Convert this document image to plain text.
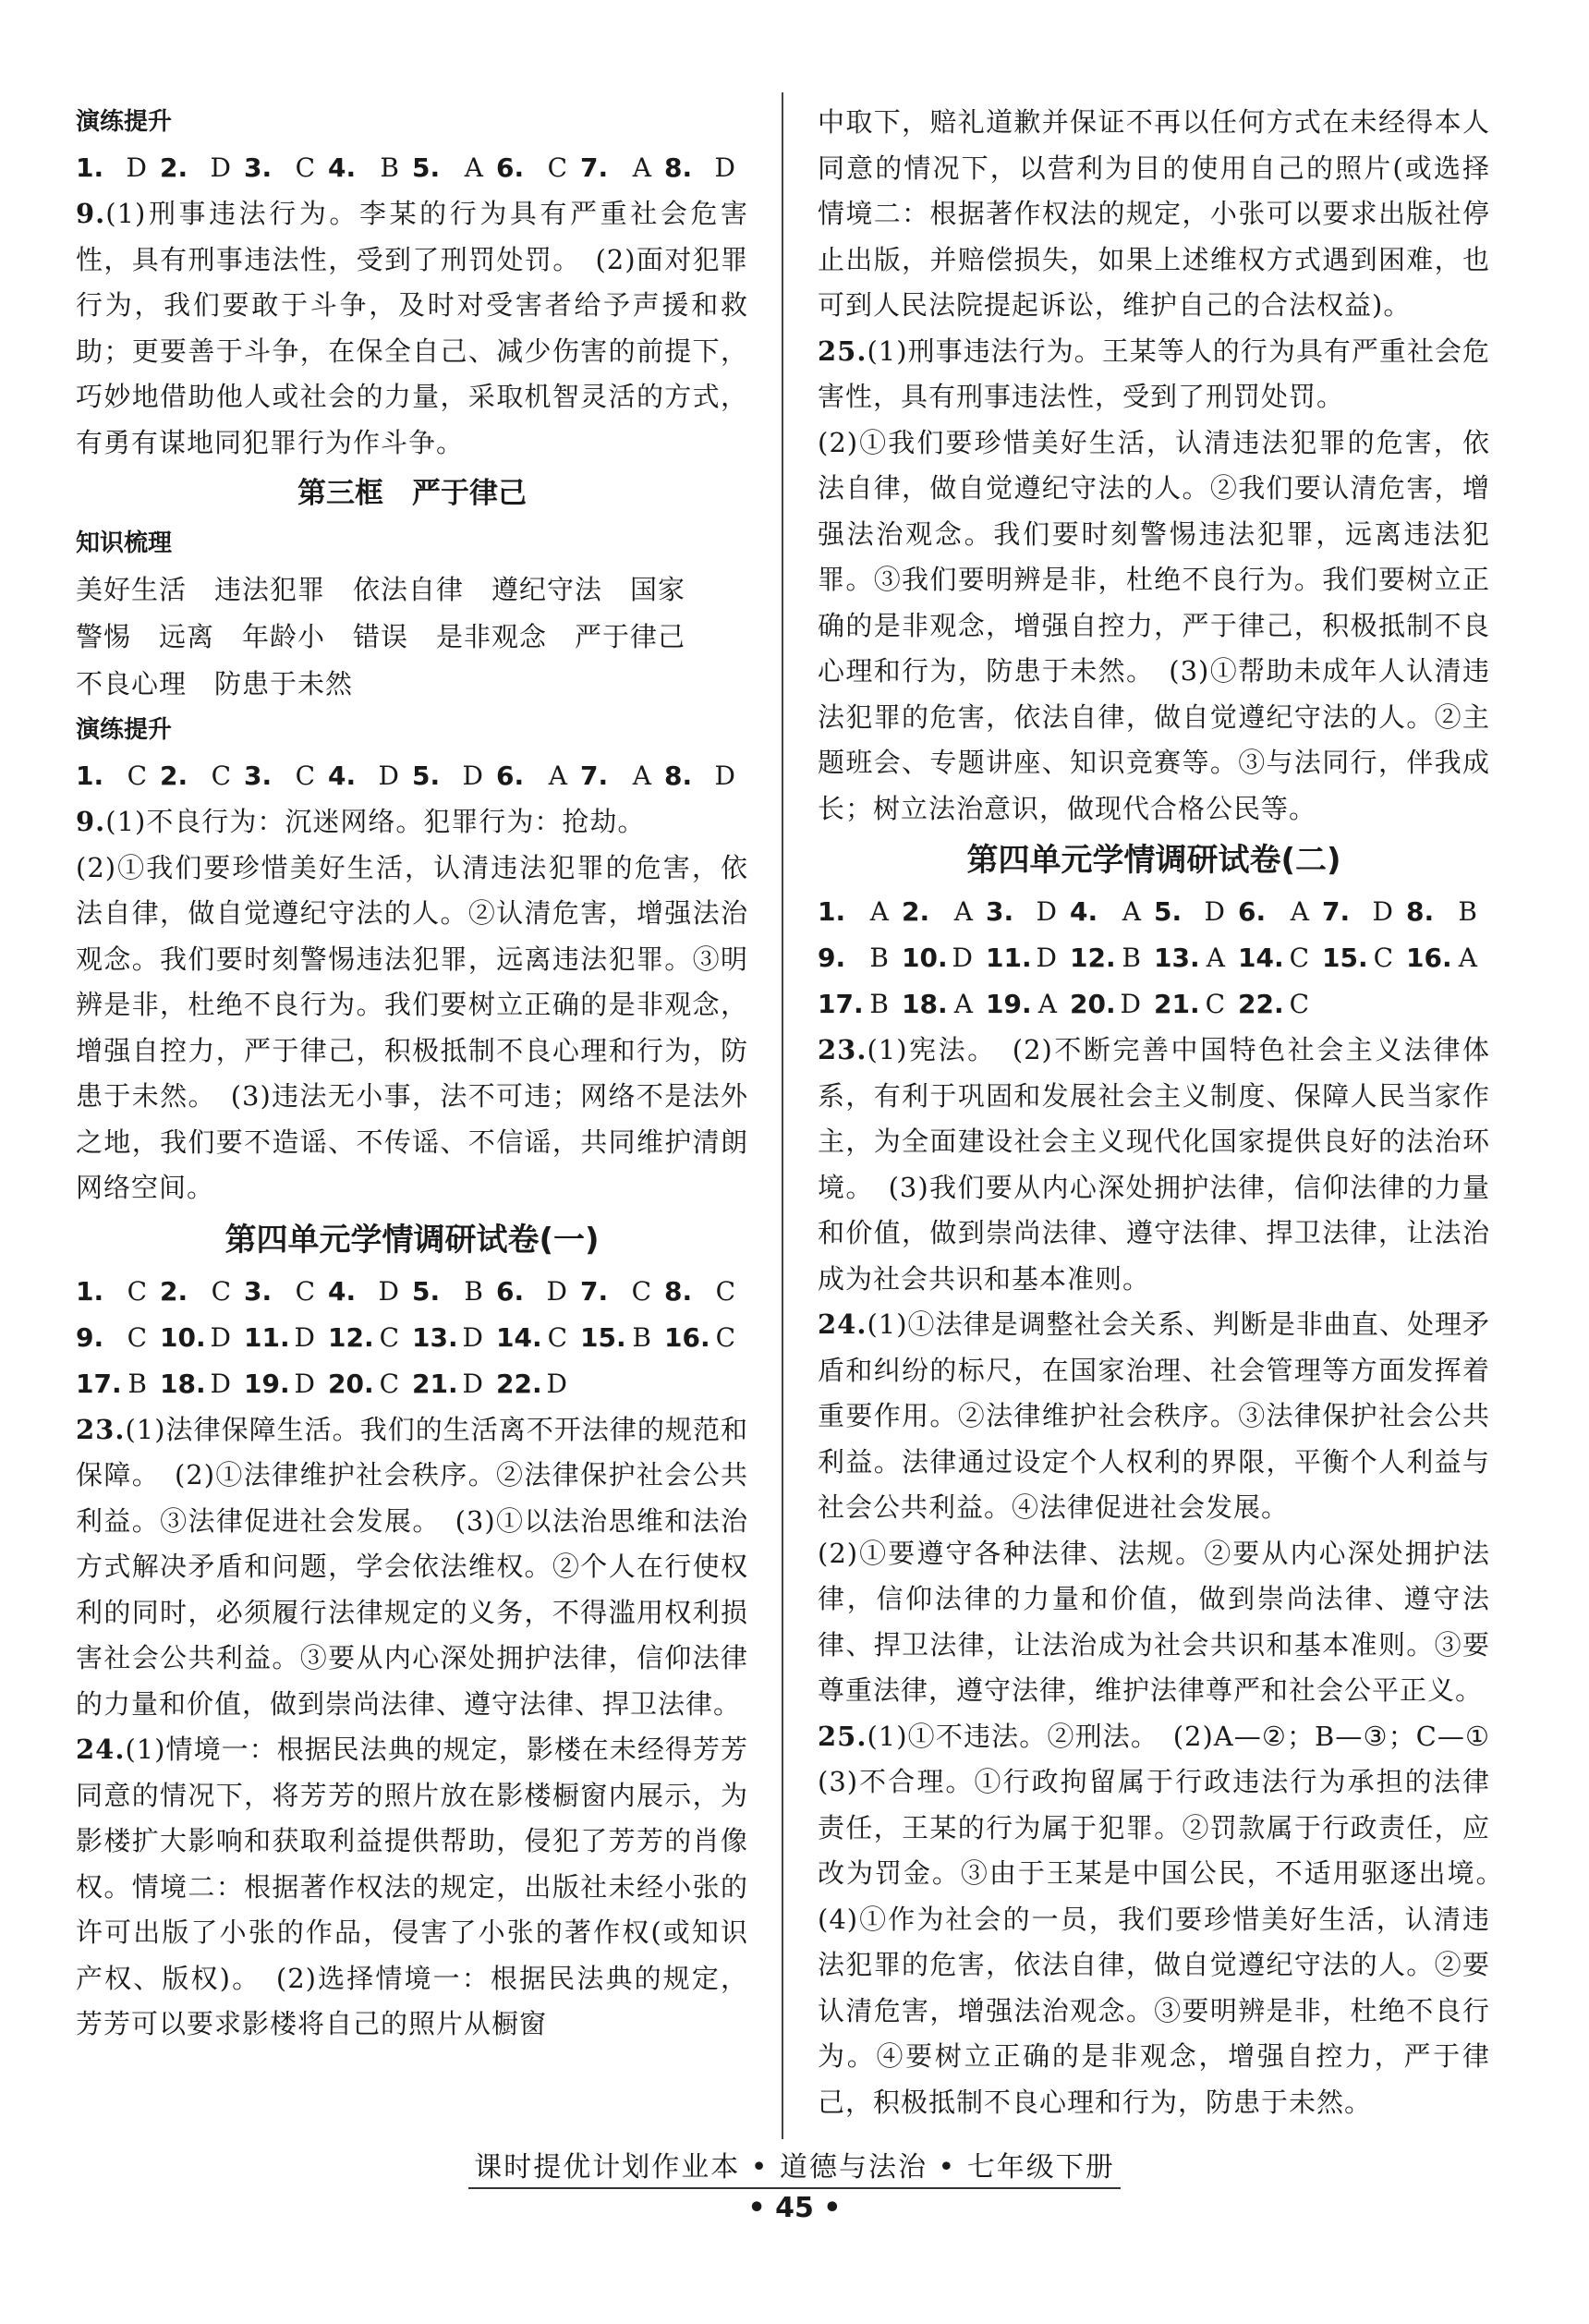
演练提升

1. D 2. D 3. C 4. B 5. A 6. C 7. A 8. D

9.(1)刑事违法行为。李某的行为具有严重社会危害性，具有刑事违法性，受到了刑罚处罚。　(2)面对犯罪行为，我们要敢于斗争，及时对受害者给予声援和救助；更要善于斗争，在保全自己、减少伤害的前提下，巧妙地借助他人或社会的力量，采取机智灵活的方式，有勇有谋地同犯罪行为作斗争。

第三框　严于律己

知识梳理

美好生活　违法犯罪　依法自律　遵纪守法　国家

警惕　远离　年龄小　错误　是非观念　严于律己

不良心理　防患于未然

演练提升

1. C 2. C 3. C 4. D 5. D 6. A 7. A 8. D

9.(1)不良行为：沉迷网络。犯罪行为：抢劫。

(2)①我们要珍惜美好生活，认清违法犯罪的危害，依法自律，做自觉遵纪守法的人。②认清危害，增强法治观念。我们要时刻警惕违法犯罪，远离违法犯罪。③明辨是非，杜绝不良行为。我们要树立正确的是非观念，增强自控力，严于律己，积极抵制不良心理和行为，防患于未然。　(3)违法无小事，法不可违；网络不是法外之地，我们要不造谣、不传谣、不信谣，共同维护清朗网络空间。

第四单元学情调研试卷(一)

1. C 2. C 3. C 4. D 5. B 6. D 7. C 8. C
9. C 10. D 11. D 12. C 13. D 14. C 15. B 16. C
17. B 18. D 19. D 20. C 21. D 22. D

23.(1)法律保障生活。我们的生活离不开法律的规范和保障。　(2)①法律维护社会秩序。②法律保护社会公共利益。③法律促进社会发展。　(3)①以法治思维和法治方式解决矛盾和问题，学会依法维权。②个人在行使权利的同时，必须履行法律规定的义务，不得滥用权利损害社会公共利益。③要从内心深处拥护法律，信仰法律的力量和价值，做到崇尚法律、遵守法律、捍卫法律。

24.(1)情境一：根据民法典的规定，影楼在未经得芳芳同意的情况下，将芳芳的照片放在影楼橱窗内展示，为影楼扩大影响和获取利益提供帮助，侵犯了芳芳的肖像权。情境二：根据著作权法的规定，出版社未经小张的许可出版了小张的作品，侵害了小张的著作权(或知识产权、版权)。　(2)选择情境一：根据民法典的规定，芳芳可以要求影楼将自己的照片从橱窗

中取下，赔礼道歉并保证不再以任何方式在未经得本人同意的情况下，以营利为目的使用自己的照片(或选择情境二：根据著作权法的规定，小张可以要求出版社停止出版，并赔偿损失，如果上述维权方式遇到困难，也可到人民法院提起诉讼，维护自己的合法权益)。

25.(1)刑事违法行为。王某等人的行为具有严重社会危害性，具有刑事违法性，受到了刑罚处罚。

(2)①我们要珍惜美好生活，认清违法犯罪的危害，依法自律，做自觉遵纪守法的人。②我们要认清危害，增强法治观念。我们要时刻警惕违法犯罪，远离违法犯罪。③我们要明辨是非，杜绝不良行为。我们要树立正确的是非观念，增强自控力，严于律己，积极抵制不良心理和行为，防患于未然。　(3)①帮助未成年人认清违法犯罪的危害，依法自律，做自觉遵纪守法的人。②主题班会、专题讲座、知识竞赛等。③与法同行，伴我成长；树立法治意识，做现代合格公民等。

第四单元学情调研试卷(二)

1. A 2. A 3. D 4. A 5. D 6. A 7. D 8. B
9. B 10. D 11. D 12. B 13. A 14. C 15. C 16. A
17. B 18. A 19. A 20. D 21. C 22. C

23.(1)宪法。　(2)不断完善中国特色社会主义法律体系，有利于巩固和发展社会主义制度、保障人民当家作主，为全面建设社会主义现代化国家提供良好的法治环境。　(3)我们要从内心深处拥护法律，信仰法律的力量和价值，做到崇尚法律、遵守法律、捍卫法律，让法治成为社会共识和基本准则。

24.(1)①法律是调整社会关系、判断是非曲直、处理矛盾和纠纷的标尺，在国家治理、社会管理等方面发挥着重要作用。②法律维护社会秩序。③法律保护社会公共利益。法律通过设定个人权利的界限，平衡个人利益与社会公共利益。④法律促进社会发展。

(2)①要遵守各种法律、法规。②要从内心深处拥护法律，信仰法律的力量和价值，做到崇尚法律、遵守法律、捍卫法律，让法治成为社会共识和基本准则。③要尊重法律，遵守法律，维护法律尊严和社会公平正义。

25.(1)①不违法。②刑法。　(2)A—②；B—③；C—①　(3)不合理。①行政拘留属于行政违法行为承担的法律责任，王某的行为属于犯罪。②罚款属于行政责任，应改为罚金。③由于王某是中国公民，不适用驱逐出境。　(4)①作为社会的一员，我们要珍惜美好生活，认清违法犯罪的危害，依法自律，做自觉遵纪守法的人。②要认清危害，增强法治观念。③要明辨是非，杜绝不良行为。④要树立正确的是非观念，增强自控力，严于律己，积极抵制不良心理和行为，防患于未然。

课时提优计划作业本 • 道德与法治 • 七年级下册
• 45 •
